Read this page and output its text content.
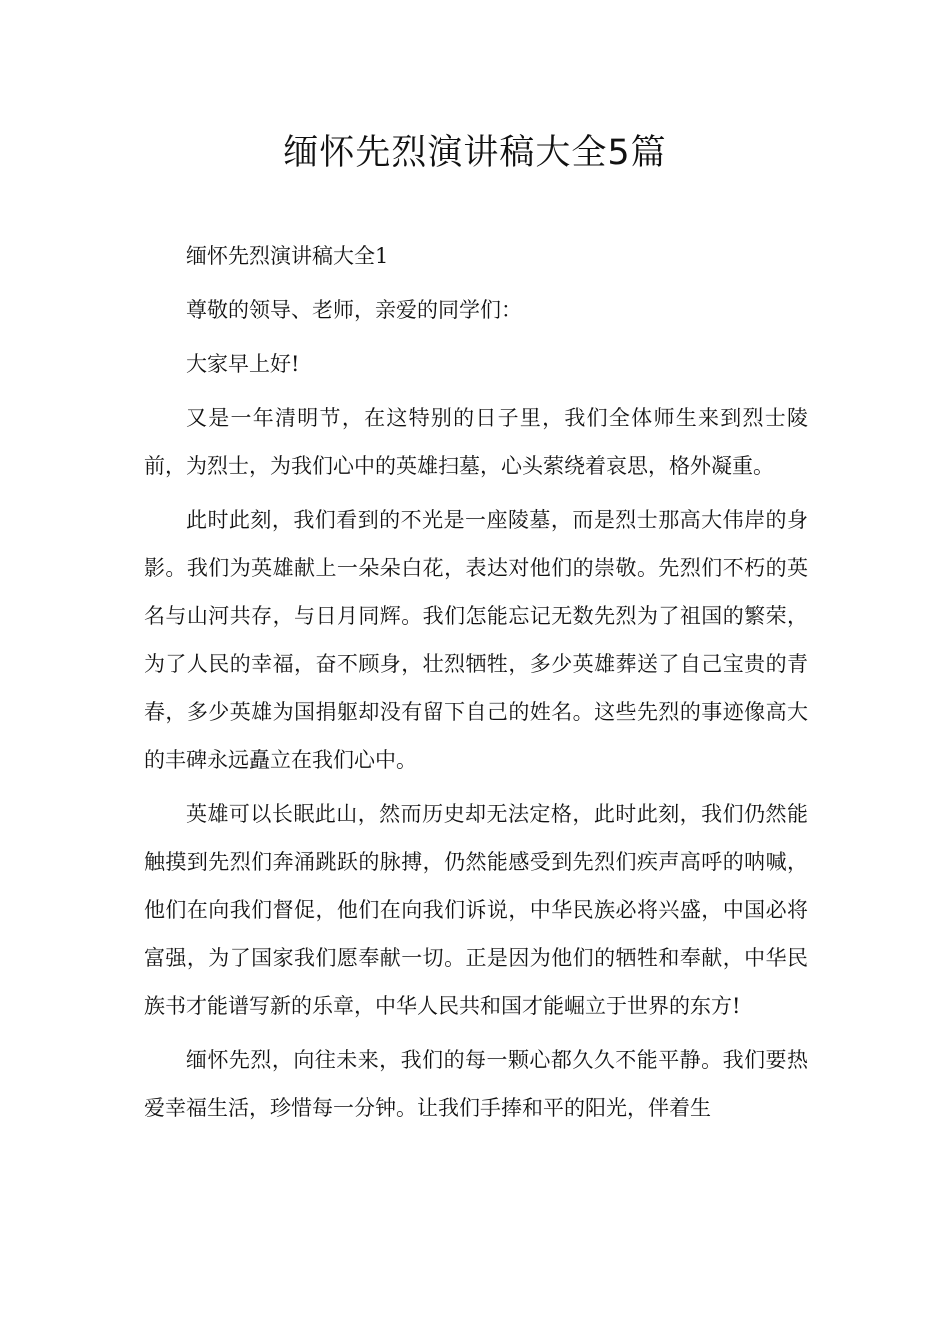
缅怀先烈演讲稿大全5篇

缅怀先烈演讲稿大全1

尊敬的领导、老师，亲爱的同学们：

大家早上好!

又是一年清明节，在这特别的日子里，我们全体师生来到烈士陵前，为烈士，为我们心中的英雄扫墓，心头萦绕着哀思，格外凝重。

此时此刻，我们看到的不光是一座陵墓，而是烈士那高大伟岸的身影。我们为英雄献上一朵朵白花，表达对他们的崇敬。先烈们不朽的英名与山河共存，与日月同辉。我们怎能忘记无数先烈为了祖国的繁荣，为了人民的幸福，奋不顾身，壮烈牺牲，多少英雄葬送了自己宝贵的青春，多少英雄为国捐躯却没有留下自己的姓名。这些先烈的事迹像高大的丰碑永远矗立在我们心中。

英雄可以长眠此山，然而历史却无法定格，此时此刻，我们仍然能触摸到先烈们奔涌跳跃的脉搏，仍然能感受到先烈们疾声高呼的呐喊，他们在向我们督促，他们在向我们诉说，中华民族必将兴盛，中国必将富强，为了国家我们愿奉献一切。正是因为他们的牺牲和奉献，中华民族书才能谱写新的乐章，中华人民共和国才能崛立于世界的东方!

缅怀先烈，向往未来，我们的每一颗心都久久不能平静。我们要热爱幸福生活，珍惜每一分钟。让我们手捧和平的阳光，伴着生
